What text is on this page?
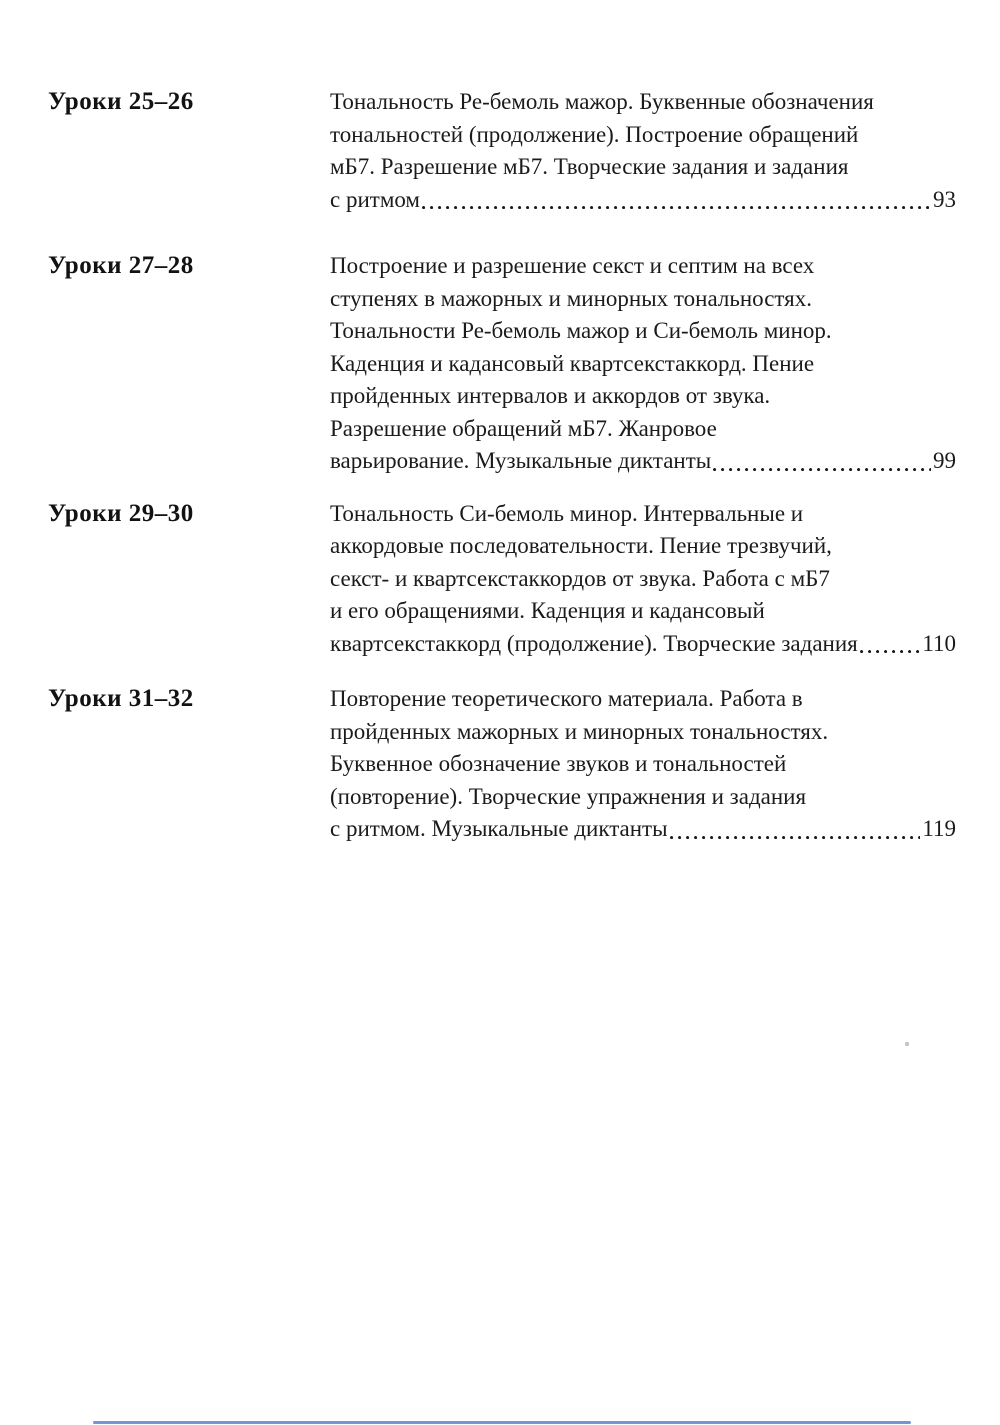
Уроки 25–26	Тональность Ре-бемоль мажор. Буквенные обозначения
тональностей (продолжение). Построение обращений
мБ7. Разрешение мБ7. Творческие задания и задания
с ритмом	93
Уроки 27–28	Построение и разрешение секст и септим на всех
ступенях в мажорных и минорных тональностях.
Тональности Ре-бемоль мажор и Си-бемоль минор.
Каденция и кадансовый квартсекстаккорд. Пение
пройденных интервалов и аккордов от звука.
Разрешение обращений мБ7. Жанровое
варьирование. Музыкальные диктанты	99
Уроки 29–30	Тональность Си-бемоль минор. Интервальные и
аккордовые последовательности. Пение трезвучий,
секст- и квартсекстаккордов от звука. Работа с мБ7
и его обращениями. Каденция и кадансовый
квартсекстаккорд (продолжение). Творческие задания	110
Уроки 31–32	Повторение теоретического материала. Работа в
пройденных мажорных и минорных тональностях.
Буквенное обозначение звуков и тональностей
(повторение). Творческие упражнения и задания
с ритмом. Музыкальные диктанты	119
